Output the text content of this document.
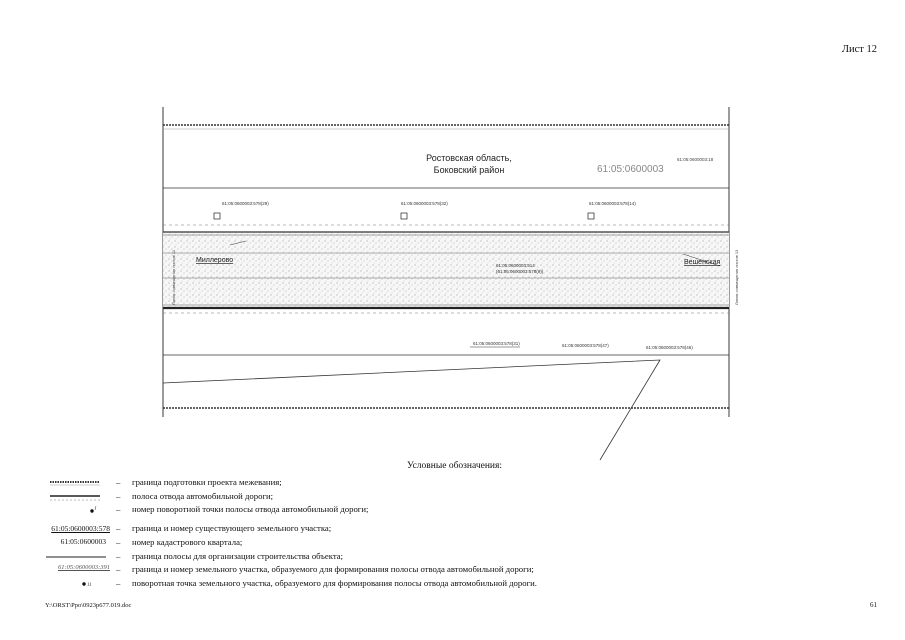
Лист 12
Ростовская область,
Боковский район	61:05:0600003
61:05:0600003:18
61:05:0600003:578(29)	61:05:0600003:578(32)	61:05:0600003:578(14)
61:05:0600003:514
(61:05:0600003:578(9))
Миллерово	Вешенская
61:05:0600003:578(31)	61:05:0600003:578(47)	61:05:0600003:578(46)
Линия совмещения листов 11	Линия совмещения листов 13
Условные обозначения:
– граница подготовки проекта межевания;
– полоса отвода автомобильной дороги;
– номер поворотной точки полосы отвода автомобильной дороги;
61:05:0600003:578 – граница и номер существующего земельного участка;
61:05:0600003 – номер кадастрового квартала;
– граница полосы для организации строительства объекта;
61:05:0600003:391 – граница и номер земельного участка, образуемого для формирования полосы отвода автомобильной дороги;
11	– поворотная точка земельного участка, образуемого для формирования полосы отвода автомобильной дороги.
Y:\ORST\Ppo\0923p677.019.doc	61
